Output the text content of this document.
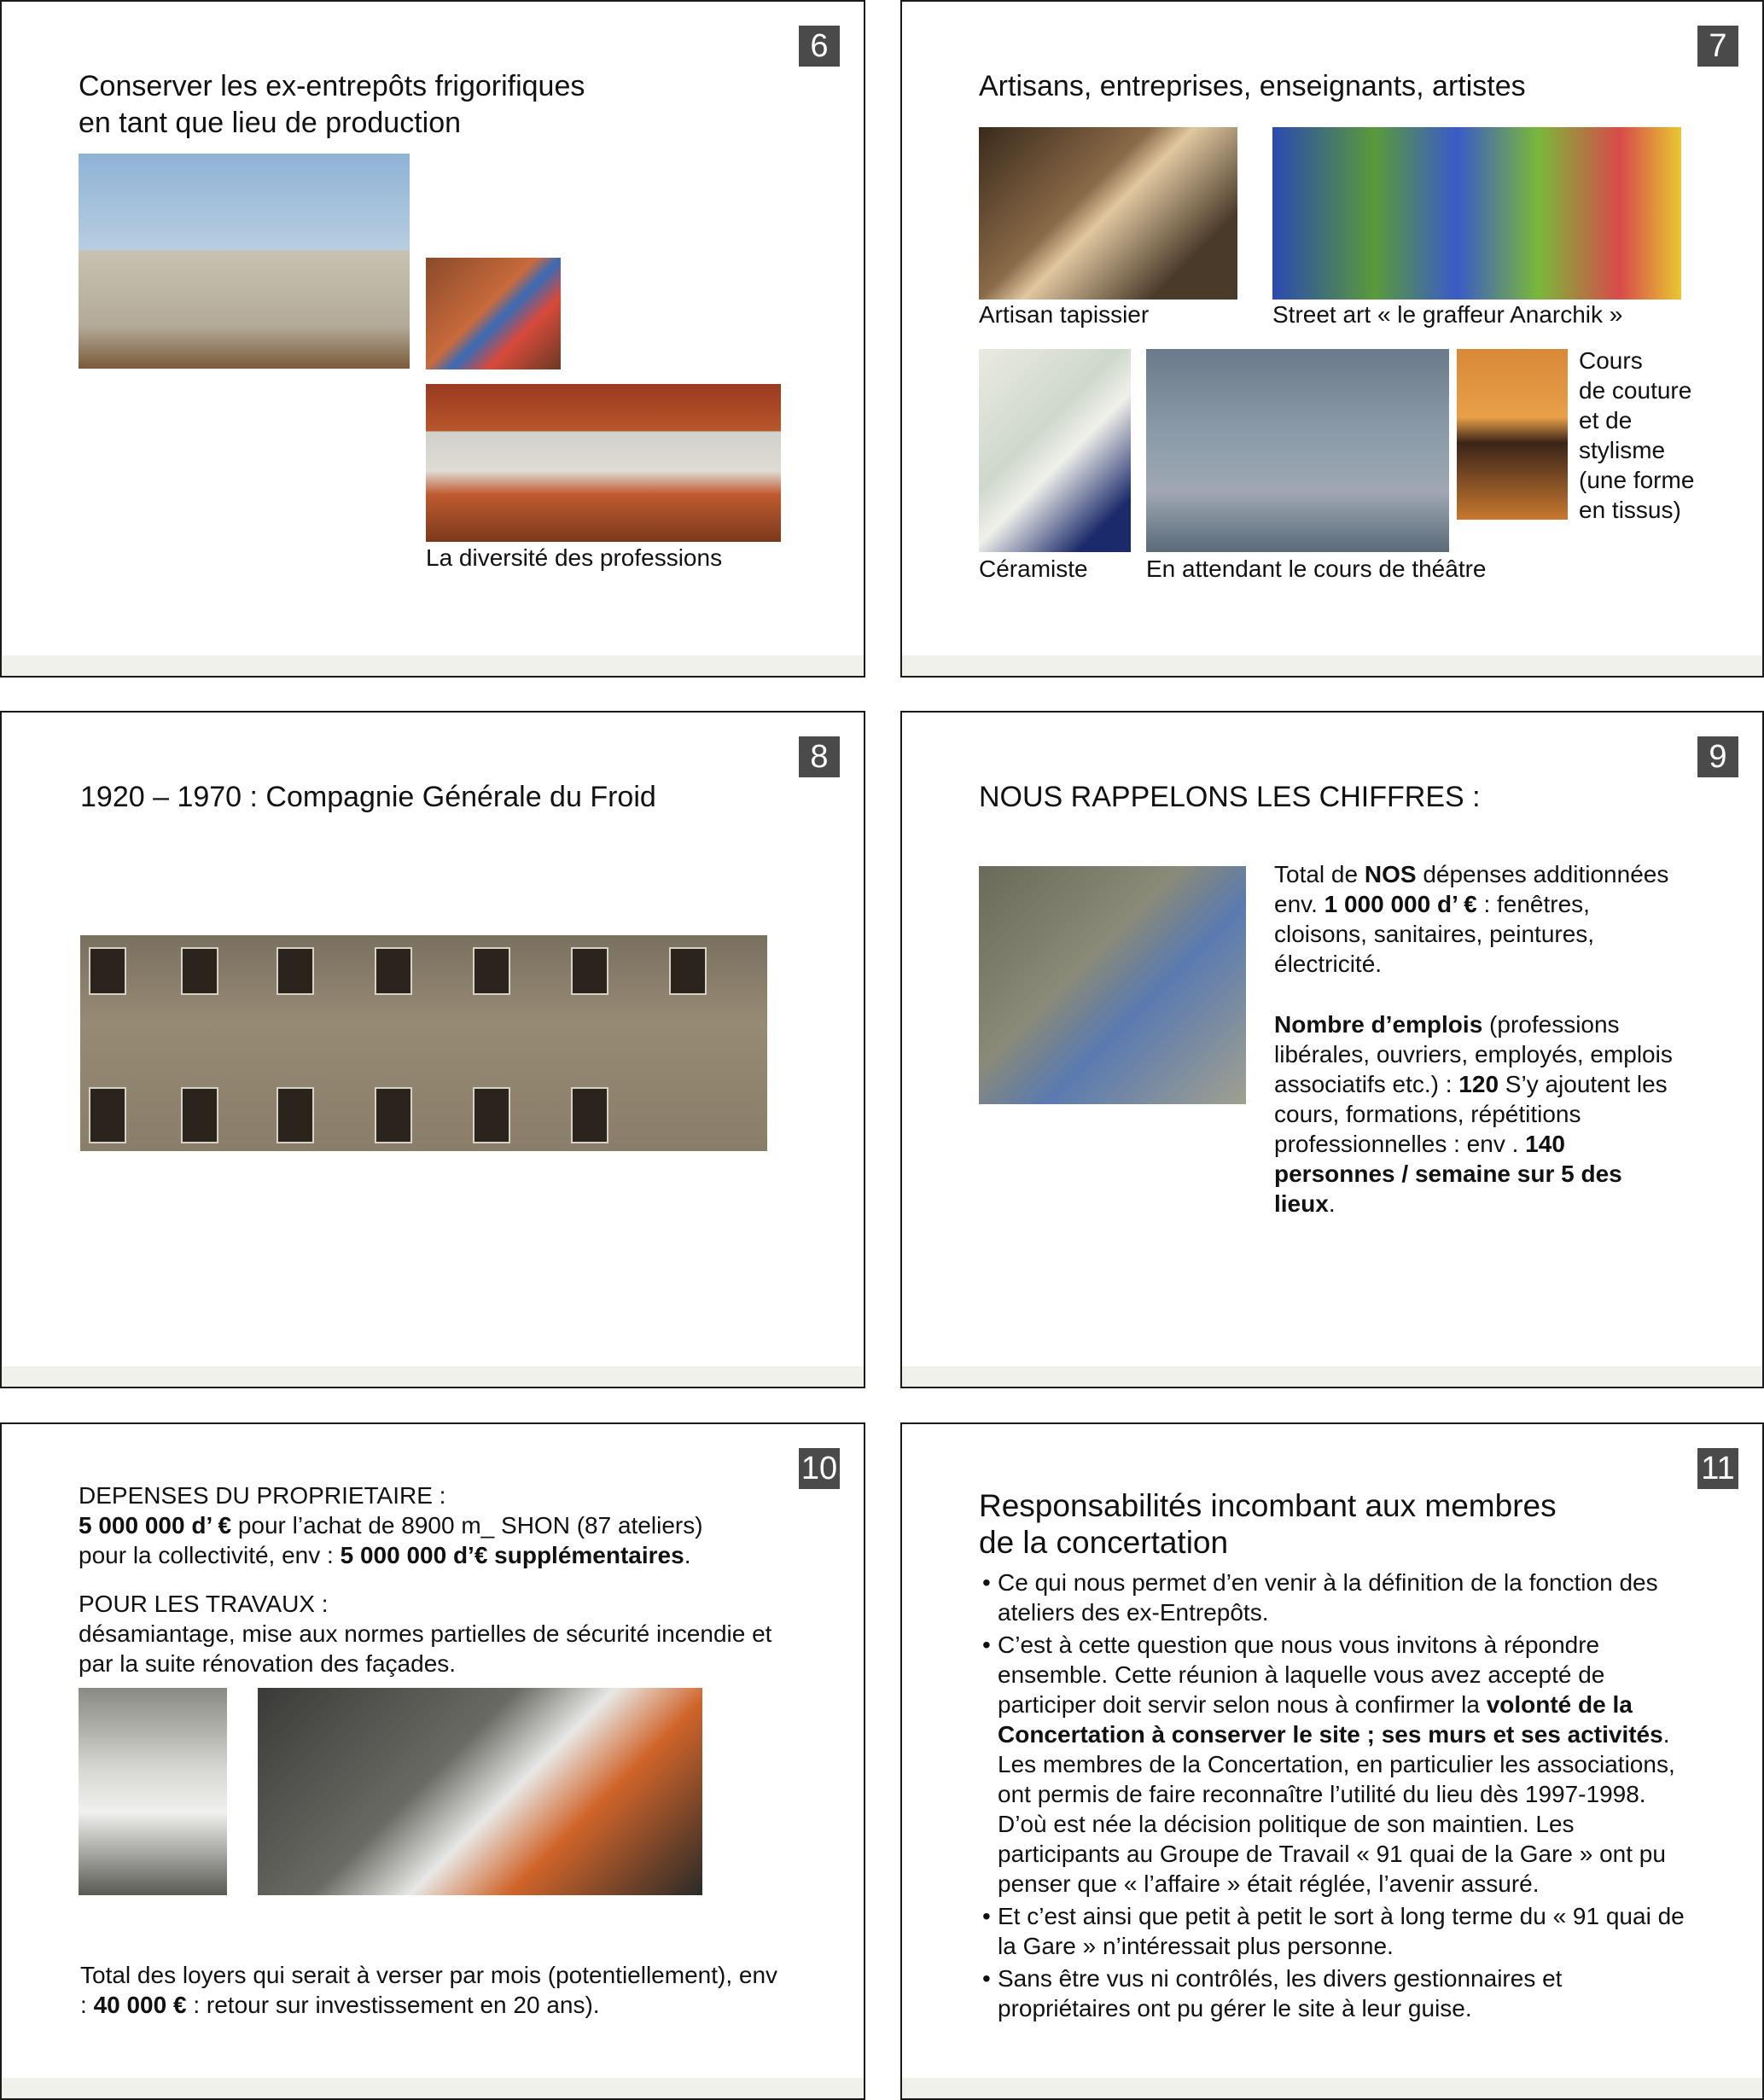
6
Conserver les ex-entrepôts frigorifiques
en tant que lieu de production
La diversité des professions
7
Artisans, entreprises, enseignants, artistes
Artisan tapissier	Street art « le graffeur Anarchik »
Cours
de couture
et de
stylisme
(une forme
en tissus)
Céramiste En attendant le cours de théâtre
8
1920 – 1970 : Compagnie Générale du Froid
9
NOUS RAPPELONS LES CHIFFRES :

Total de NOS dépenses additionnées env. 1 000 000 d’ € : fenêtres, cloisons, sanitaires, peintures, électricité.

Nombre d’emplois (professions libérales, ouvriers, employés, emplois associatifs etc.) : 120 S’y ajoutent les cours, formations, répétitions professionnelles : env . 140 personnes / semaine sur 5 des lieux.

10

DEPENSES DU PROPRIETAIRE :

5 000 000 d’ € pour l’achat de 8900 m_ SHON (87 ateliers)

pour la collectivité, env : 5 000 000 d’€ supplémentaires.

POUR LES TRAVAUX :

désamiantage, mise aux normes partielles de sécurité incendie et par la suite rénovation des façades.

Total des loyers qui serait à verser par mois (potentiellement), env : 40 000 € : retour sur investissement en 20 ans).

11
Responsabilités incombant aux membres
de la concertation
• Ce qui nous permet d’en venir à la définition de la fonction des ateliers des ex-Entrepôts.
• C’est à cette question que nous vous invitons à répondre ensemble. Cette réunion à laquelle vous avez accepté de participer doit servir selon nous à confirmer la volonté de la Concertation à conserver le site ; ses murs et ses activités. Les membres de la Concertation, en particulier les associations, ont permis de faire reconnaître l’utilité du lieu dès 1997-1998. D’où est née la décision politique de son maintien. Les participants au Groupe de Travail « 91 quai de la Gare » ont pu penser que « l’affaire » était réglée, l’avenir assuré.
• Et c’est ainsi que petit à petit le sort à long terme du « 91 quai de la Gare » n’intéressait plus personne.
• Sans être vus ni contrôlés, les divers gestionnaires et propriétaires ont pu gérer le site à leur guise.
